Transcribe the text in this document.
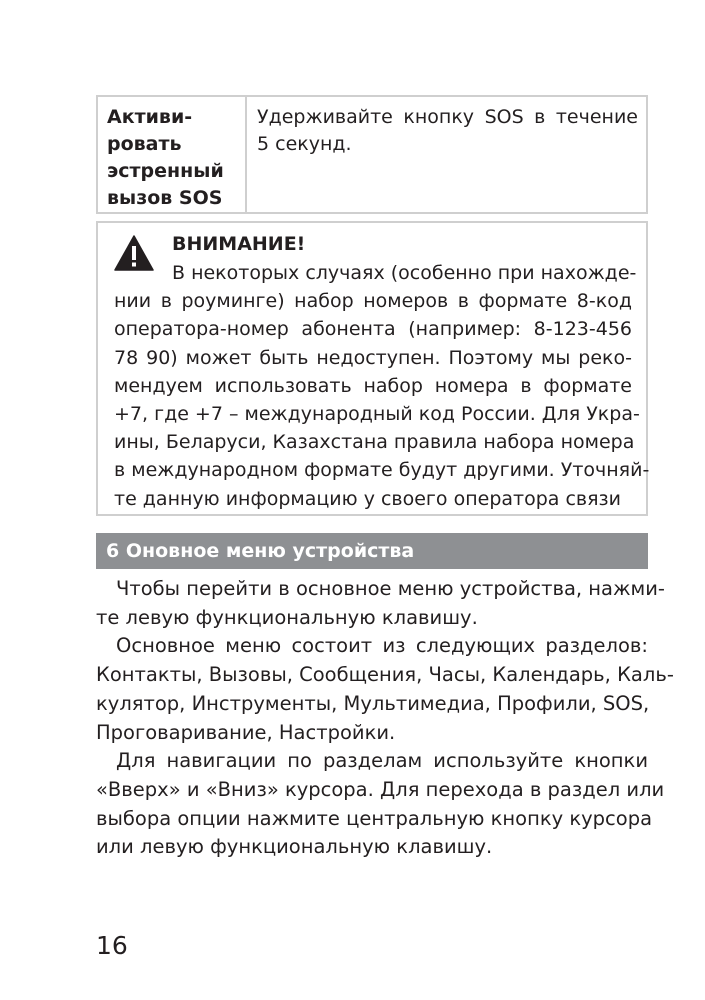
Активи-
ровать
эстренный
вызов SOS
Удерживайте кнопку SOS в течение 5 секунд.
ВНИМАНИЕ!
В некоторых случаях (особенно при нахожде-
нии в роуминге) набор номеров в формате 8-код
оператора-номер абонента (например: 8-123-456
78 90) может быть недоступен. Поэтому мы реко-
мендуем использовать набор номера в формате
+7, где +7 – международный код России. Для Укра-
ины, Беларуси, Казахстана правила набора номера
в международном формате будут другими. Уточняй-
те данную информацию у своего оператора связи
6 Оновное меню устройства

Чтобы перейти в основное меню устройства, нажми-
те левую функциональную клавишу.

Основное меню состоит из следующих разделов:
Контакты, Вызовы, Сообщения, Часы, Календарь, Каль-
кулятор, Инструменты, Мультимедиа, Профили, SOS,
Проговаривание, Настройки.

Для навигации по разделам используйте кнопки
«Вверх» и «Вниз» курсора. Для перехода в раздел или
выбора опции нажмите центральную кнопку курсора
или левую функциональную клавишу.

16
